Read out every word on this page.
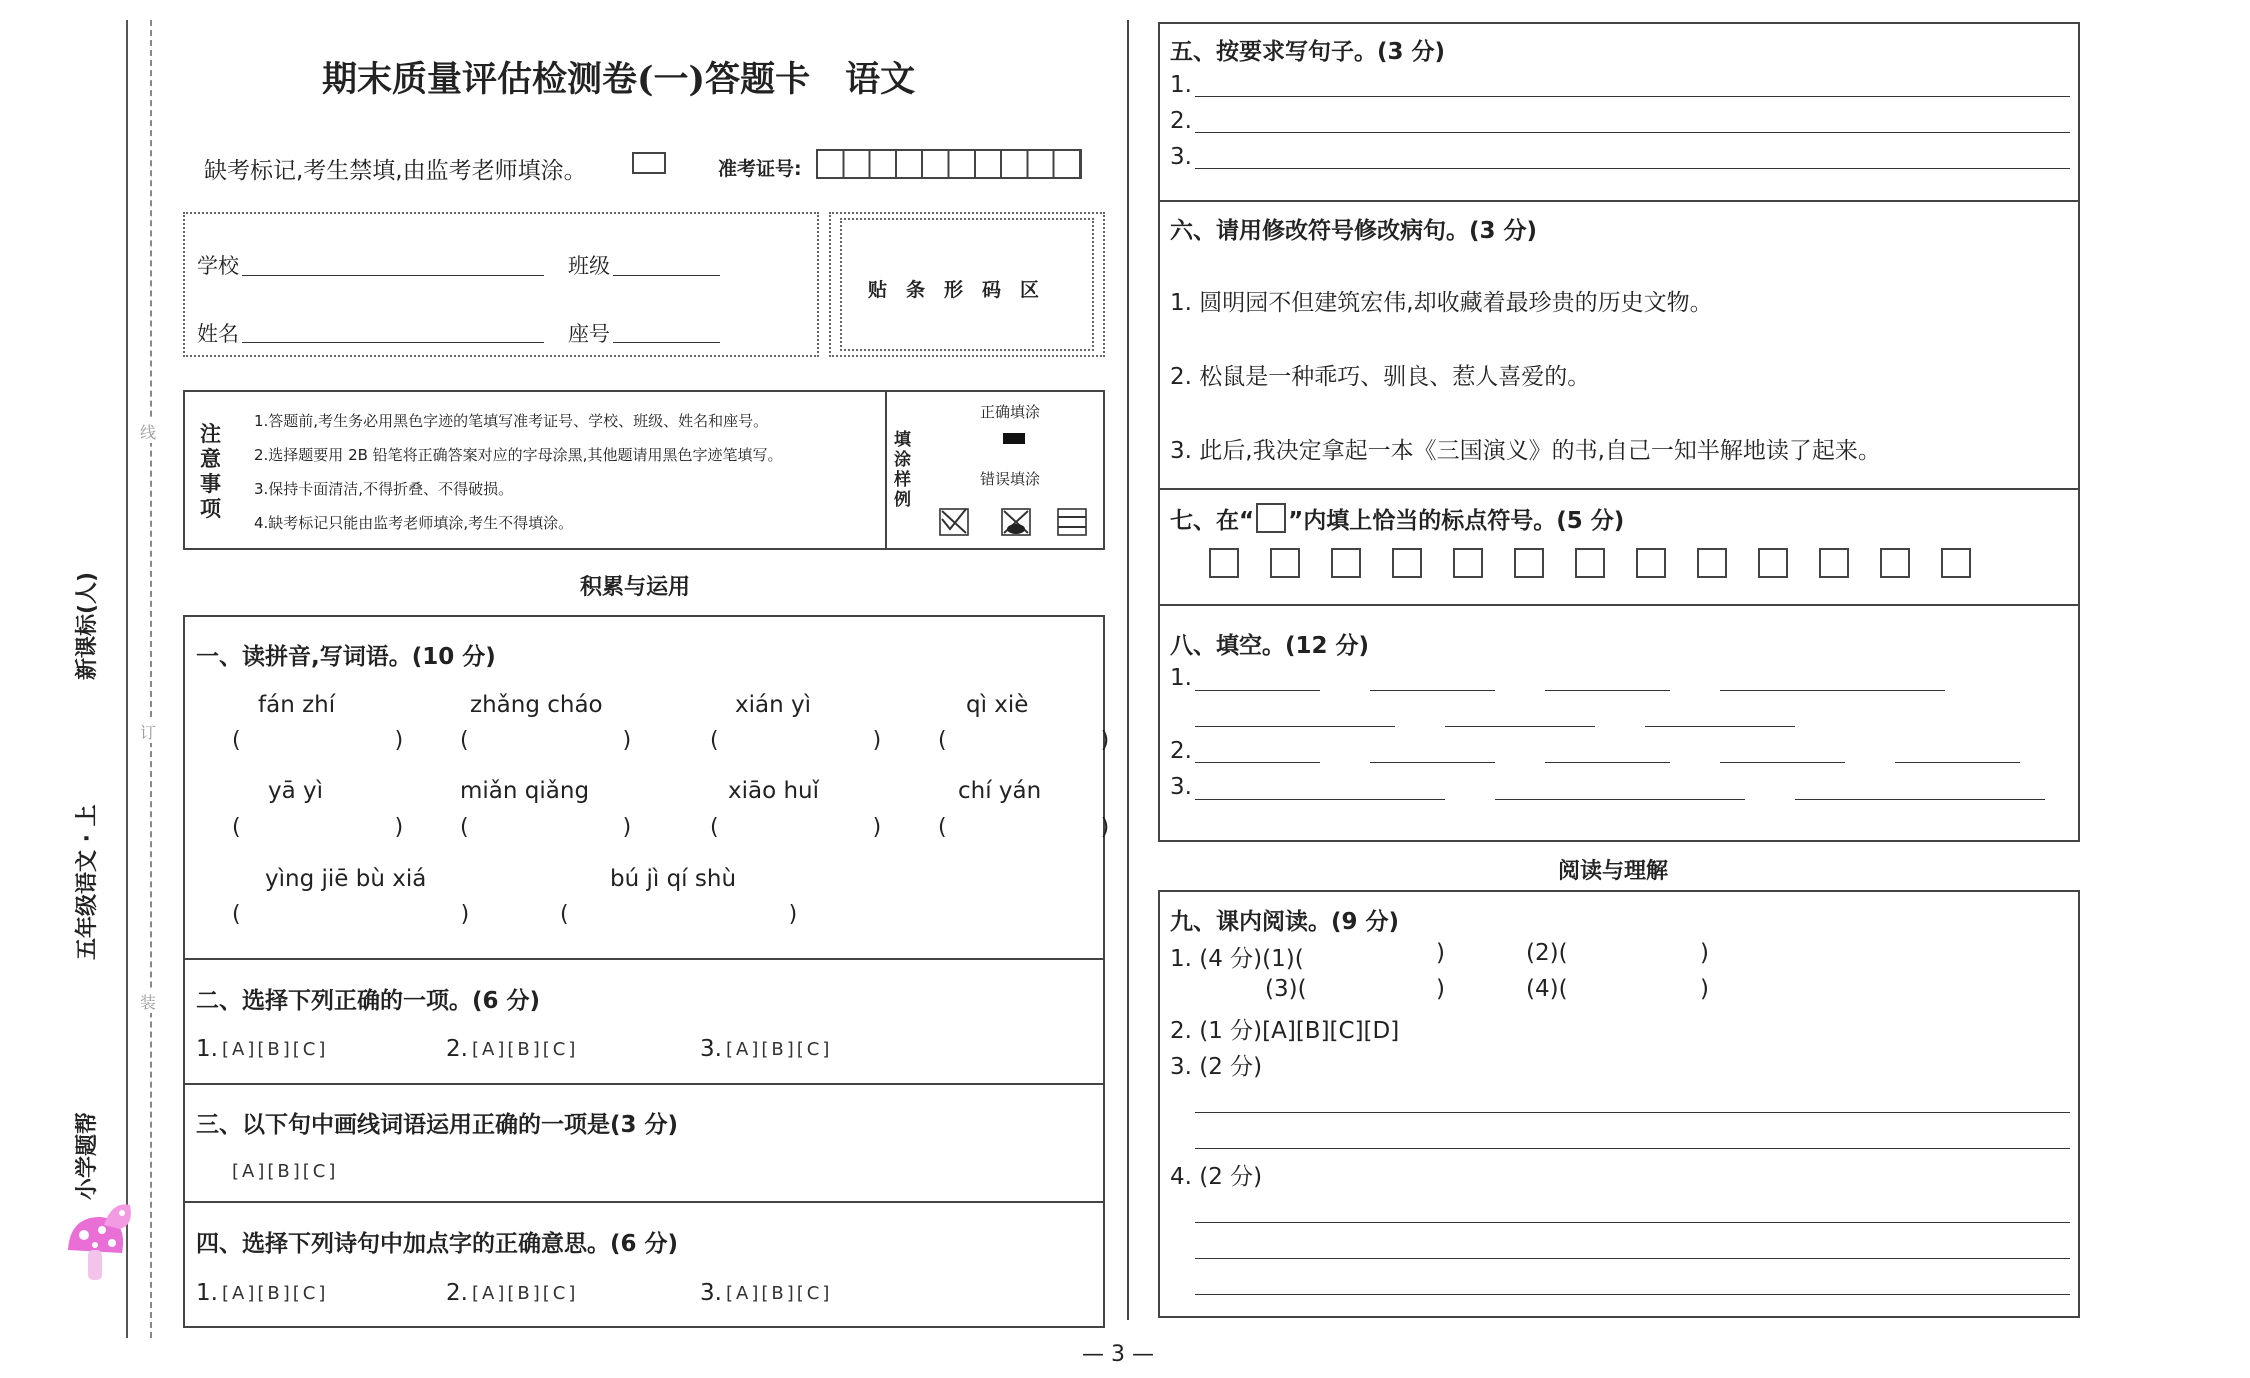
线
订
装
新课标(人)
五年级语文 · 上
小学题帮
期末质量评估检测卷(一)答题卡　语文
缺考标记,考生禁填,由监考老师填涂。	准考证号:
学校	班级
姓名	座号
贴　条　形　码　区
注意事项
1.答题前,考生务必用黑色字迹的笔填写准考证号、学校、班级、姓名和座号。
2.选择题要用 2B 铅笔将正确答案对应的字母涂黑,其他题请用黑色字迹笔填写。
3.保持卡面清洁,不得折叠、不得破损。
4.缺考标记只能由监考老师填涂,考生不得填涂。
填涂样例
正确填涂
错误填涂
积累与运用
一、读拼音,写词语。(10 分)
fán zhí
(　　　　　　　)
zhǎng cháo
(　　　　　　　)
xián yì
(　　　　　　　)
qì xiè
(　　　　　　　)
yā yì
(　　　　　　　)
miǎn qiǎng
(　　　　　　　)
xiāo huǐ
(　　　　　　　)
chí yán
(　　　　　　　)
yìng jiē bù xiá
(　　　　　　　　　　)
bú jì qí shù
(　　　　　　　　　　)
二、选择下列正确的一项。(6 分)
1. [A][B][C]	2. [A][B][C]	3. [A][B][C]
三、以下句中画线词语运用正确的一项是(3 分)
[A][B][C]
四、选择下列诗句中加点字的正确意思。(6 分)
1. [A][B][C]	2. [A][B][C]	3. [A][B][C]
五、按要求写句子。(3 分)
1.
2.
3.
六、请用修改符号修改病句。(3 分)
1. 圆明园不但建筑宏伟,却收藏着最珍贵的历史文物。
2. 松鼠是一种乖巧、驯良、惹人喜爱的。
3. 此后,我决定拿起一本《三国演义》的书,自己一知半解地读了起来。
七、在“ ”内填上恰当的标点符号。(5 分)
八、填空。(12 分)
1.
2.
3.
阅读与理解
九、课内阅读。(9 分)
1. (4 分)(1)(	)	(2)(	)
(3)(	)	(4)(	)
2. (1 分)[A][B][C][D]
3. (2 分)
4. (2 分)
— 3 —
